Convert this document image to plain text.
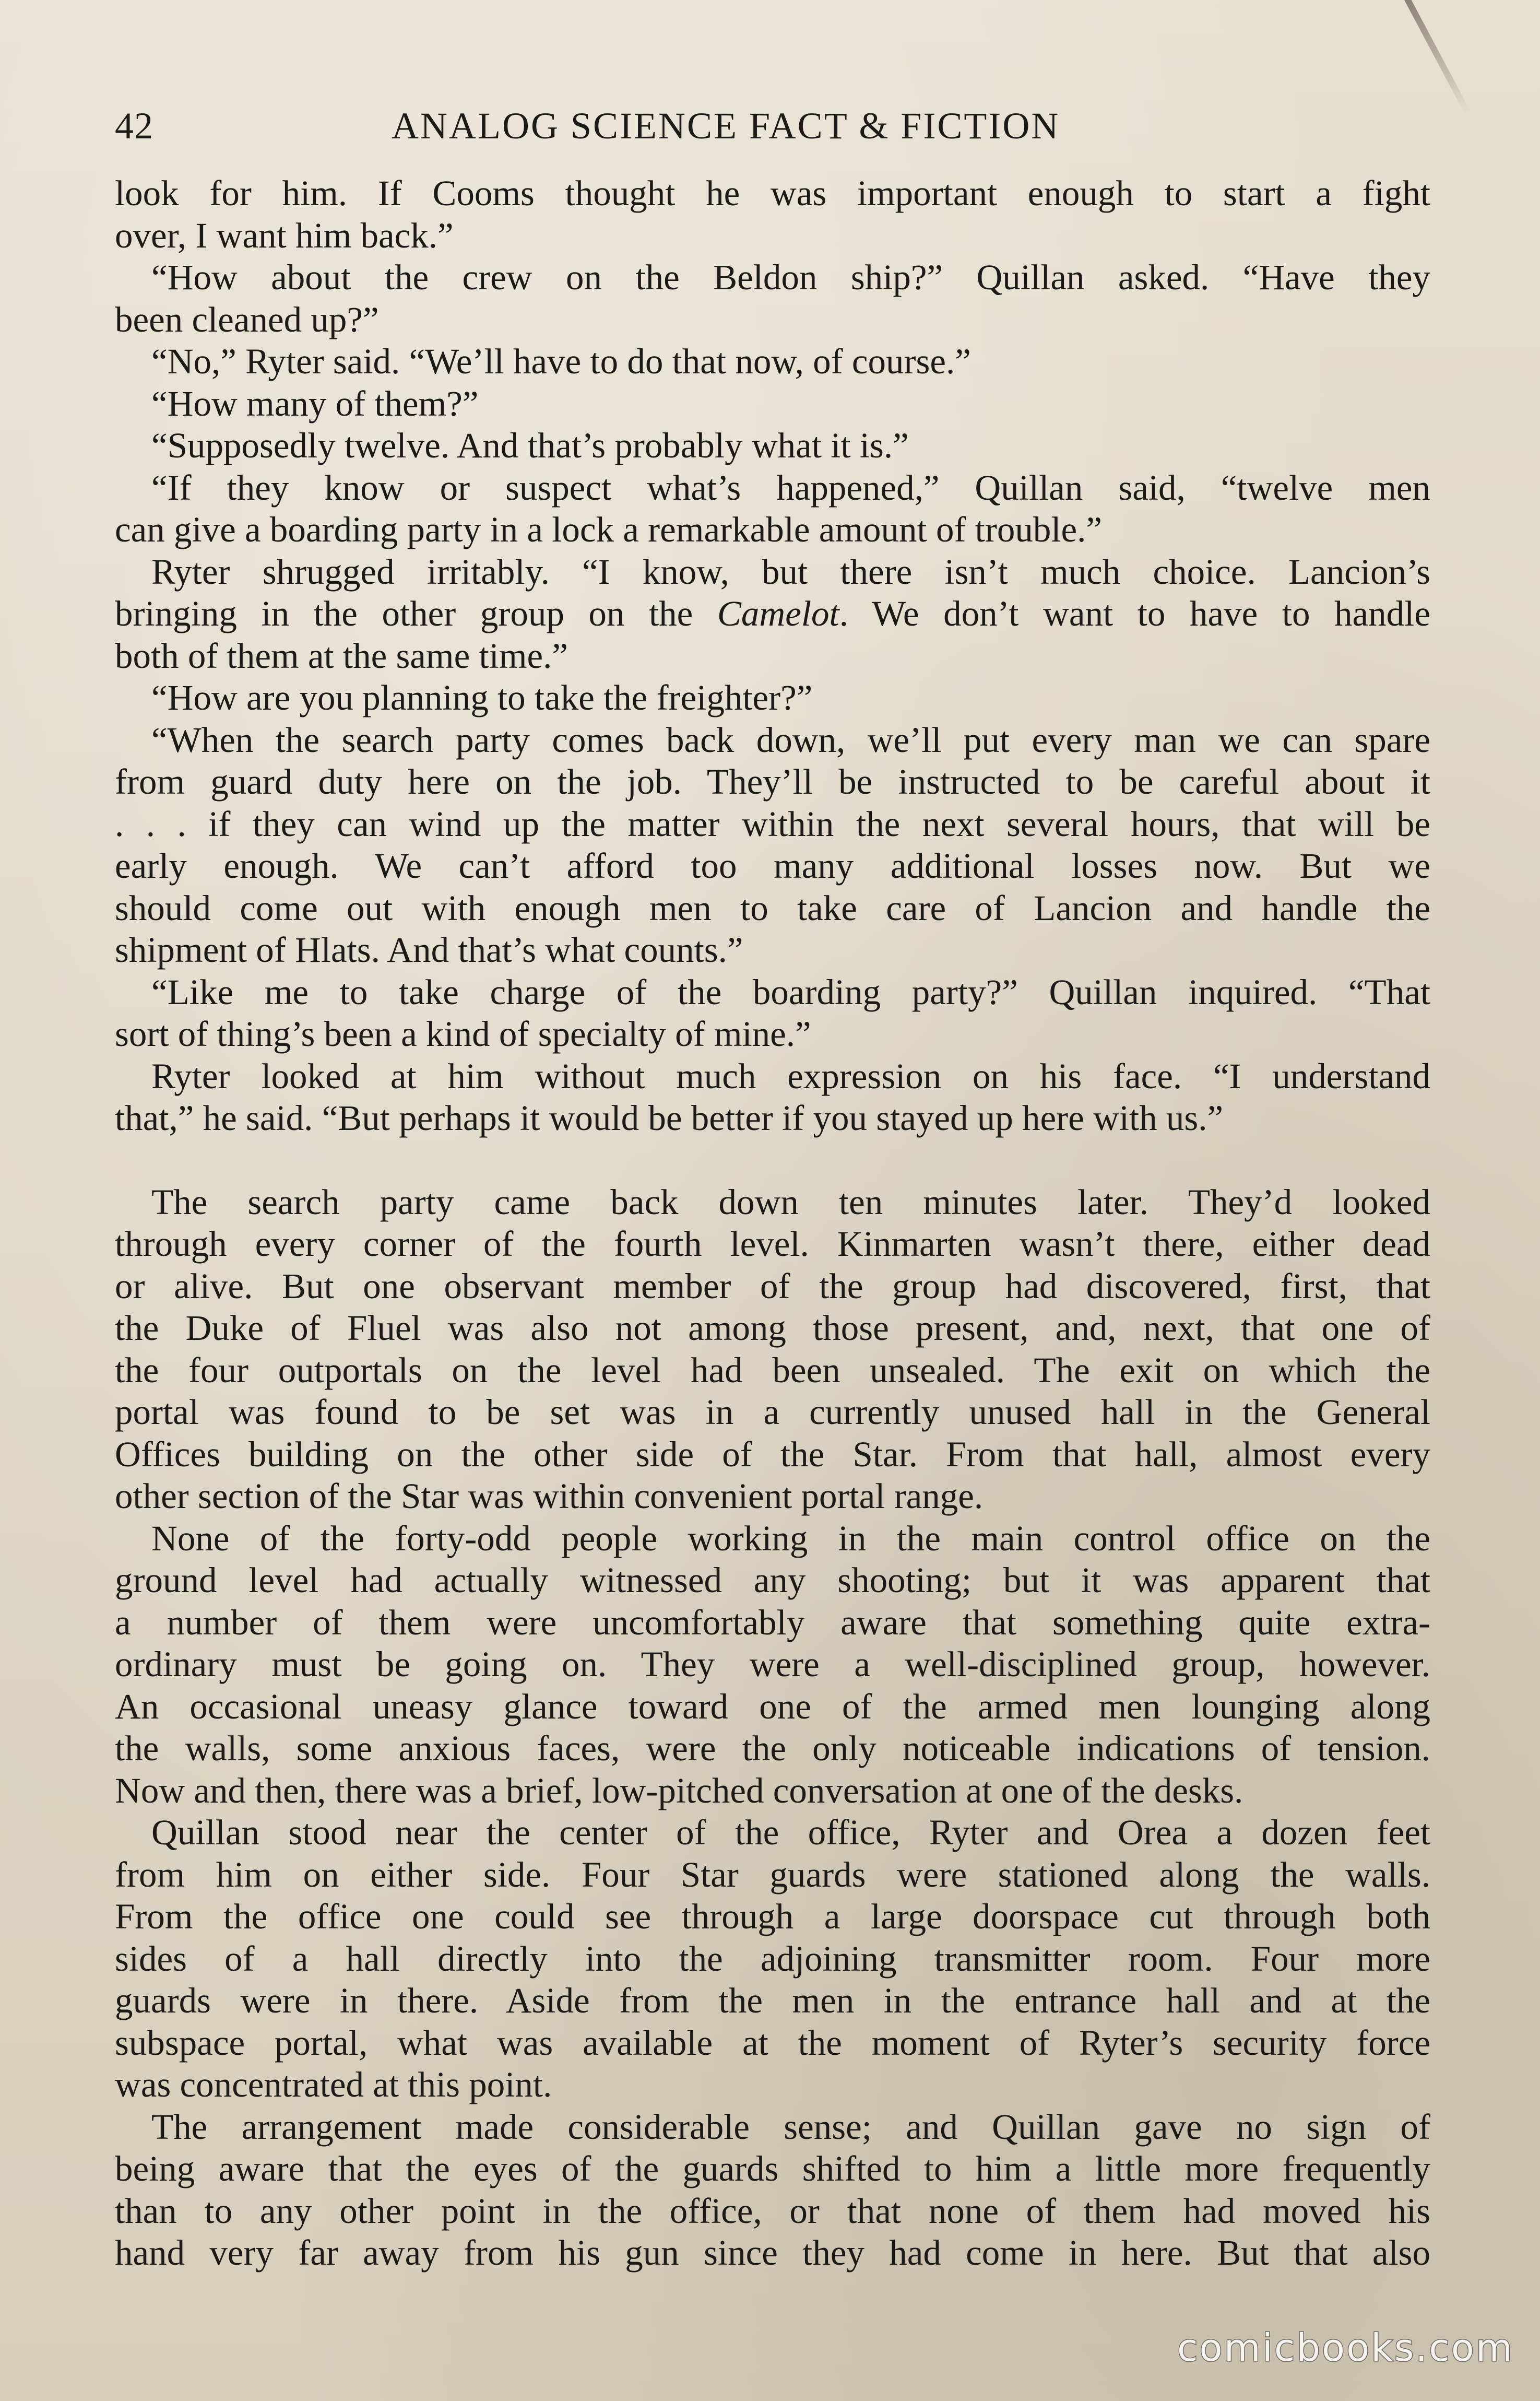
42	ANALOG SCIENCE FACT & FICTION
look for him. If Cooms thought he was important enough to start a fight
over, I want him back.”
“How about the crew on the Beldon ship?” Quillan asked. “Have they
been cleaned up?”
“No,” Ryter said. “We’ll have to do that now, of course.”
“How many of them?”
“Supposedly twelve. And that’s probably what it is.”
“If they know or suspect what’s happened,” Quillan said, “twelve men
can give a boarding party in a lock a remarkable amount of trouble.”
Ryter shrugged irritably. “I know, but there isn’t much choice. Lancion’s
bringing in the other group on the Camelot. We don’t want to have to handle
both of them at the same time.”
“How are you planning to take the freighter?”
“When the search party comes back down, we’ll put every man we can spare
from guard duty here on the job. They’ll be instructed to be careful about it
. . . if they can wind up the matter within the next several hours, that will be
early enough. We can’t afford too many additional losses now. But we
should come out with enough men to take care of Lancion and handle the
shipment of Hlats. And that’s what counts.”
“Like me to take charge of the boarding party?” Quillan inquired. “That
sort of thing’s been a kind of specialty of mine.”
Ryter looked at him without much expression on his face. “I understand
that,” he said. “But perhaps it would be better if you stayed up here with us.”
The search party came back down ten minutes later. They’d looked
through every corner of the fourth level. Kinmarten wasn’t there, either dead
or alive. But one observant member of the group had discovered, first, that
the Duke of Fluel was also not among those present, and, next, that one of
the four outportals on the level had been unsealed. The exit on which the
portal was found to be set was in a currently unused hall in the General
Offices building on the other side of the Star. From that hall, almost every
other section of the Star was within convenient portal range.
None of the forty-odd people working in the main control office on the
ground level had actually witnessed any shooting; but it was apparent that
a number of them were uncomfortably aware that something quite extra-
ordinary must be going on. They were a well-disciplined group, however.
An occasional uneasy glance toward one of the armed men lounging along
the walls, some anxious faces, were the only noticeable indications of tension.
Now and then, there was a brief, low-pitched conversation at one of the desks.
Quillan stood near the center of the office, Ryter and Orea a dozen feet
from him on either side. Four Star guards were stationed along the walls.
From the office one could see through a large doorspace cut through both
sides of a hall directly into the adjoining transmitter room. Four more
guards were in there. Aside from the men in the entrance hall and at the
subspace portal, what was available at the moment of Ryter’s security force
was concentrated at this point.
The arrangement made considerable sense; and Quillan gave no sign of
being aware that the eyes of the guards shifted to him a little more frequently
than to any other point in the office, or that none of them had moved his
hand very far away from his gun since they had come in here. But that also
comicbooks.com
